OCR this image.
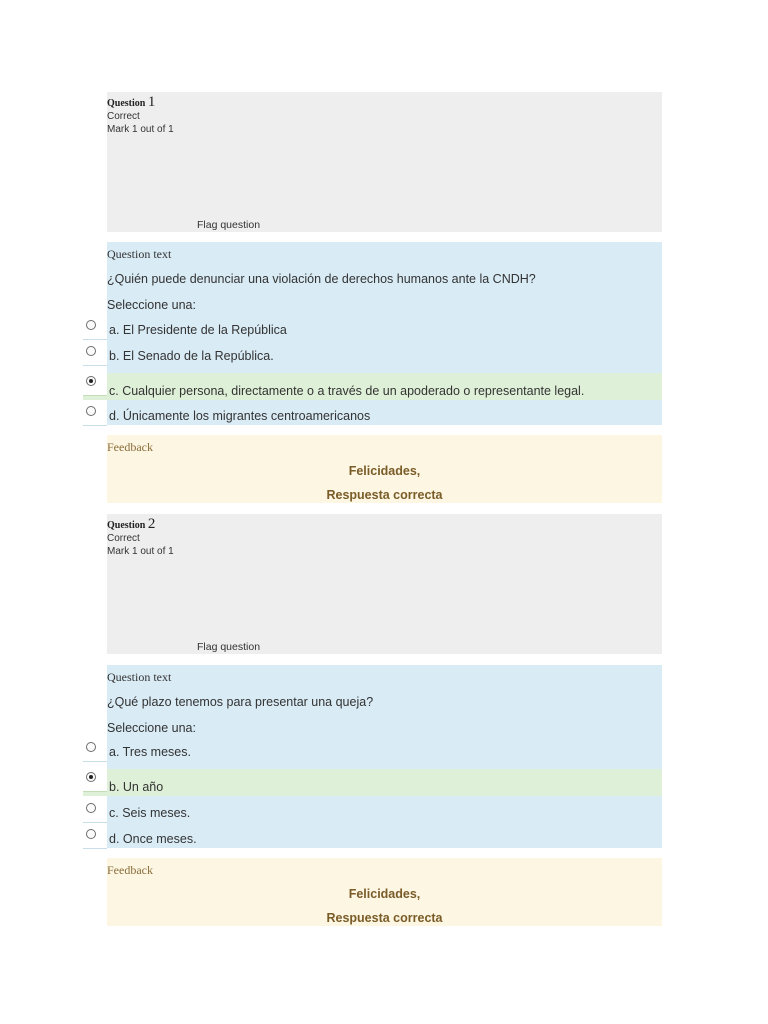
Question 1
Correct
Mark 1 out of 1
Flag question
Question text
¿Quién puede denunciar una violación de derechos humanos ante la CNDH?
Seleccione una:
a. El Presidente de la República
b. El Senado de la República.
c. Cualquier persona, directamente o a través de un apoderado o representante legal.
d. Únicamente los migrantes centroamericanos
Feedback
Felicidades,
Respuesta correcta
Question 2
Correct
Mark 1 out of 1
Flag question
Question text
¿Qué plazo tenemos para presentar una queja?
Seleccione una:
a. Tres meses.
b. Un año
c. Seis meses.
d. Once meses.
Feedback
Felicidades,
Respuesta correcta
